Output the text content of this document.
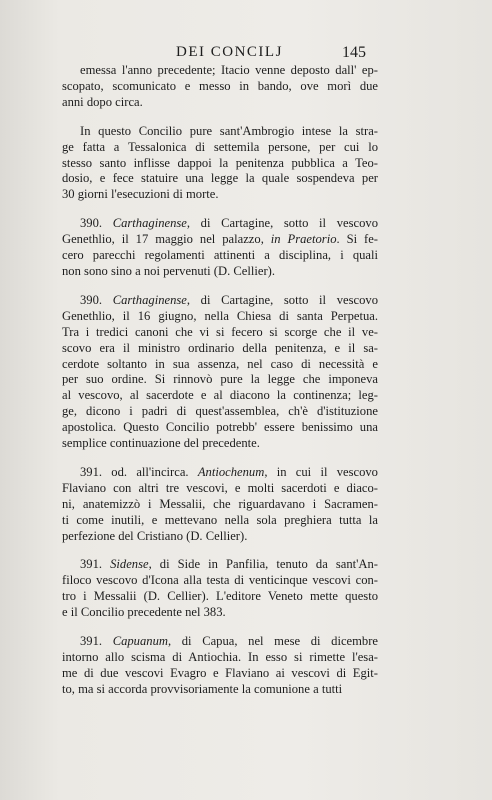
DEI CONCILJ	145
emessa l'anno precedente; Itacio venne deposto dall' ep-
scopato, scomunicato e messo in bando, ove morì due
anni dopo circa.
In questo Concilio pure sant'Ambrogio intese la stra-
ge fatta a Tessalonica di settemila persone, per cui lo
stesso santo inflisse dappoi la penitenza pubblica a Teo-
dosio, e fece statuire una legge la quale sospendeva per
30 giorni l'esecuzioni di morte.
390. Carthaginense, di Cartagine, sotto il vescovo
Genethlio, il 17 maggio nel palazzo, in Praetorio. Si fe-
cero parecchi regolamenti attinenti a disciplina, i quali
non sono sino a noi pervenuti (D. Cellier).
390. Carthaginense, di Cartagine, sotto il vescovo
Genethlio, il 16 giugno, nella Chiesa di santa Perpetua.
Tra i tredici canoni che vi si fecero si scorge che il ve-
scovo era il ministro ordinario della penitenza, e il sa-
cerdote soltanto in sua assenza, nel caso di necessità e
per suo ordine. Si rinnovò pure la legge che imponeva
al vescovo, al sacerdote e al diacono la continenza; leg-
ge, dicono i padri di quest'assemblea, ch'è d'istituzione
apostolica. Questo Concilio potrebb' essere benissimo una
semplice continuazione del precedente.
391. od. all'incirca. Antiochenum, in cui il vescovo
Flaviano con altri tre vescovi, e molti sacerdoti e diaco-
ni, anatemizzò i Messalii, che riguardavano i Sacramen-
ti come inutili, e mettevano nella sola preghiera tutta la
perfezione del Cristiano (D. Cellier).
391. Sidense, di Side in Panfilia, tenuto da sant'An-
filoco vescovo d'Icona alla testa di venticinque vescovi con-
tro i Messalii (D. Cellier). L'editore Veneto mette questo
e il Concilio precedente nel 383.
391. Capuanum, di Capua, nel mese di dicembre
intorno allo scisma di Antiochia. In esso si rimette l'esa-
me di due vescovi Evagro e Flaviano ai vescovi di Egit-
to, ma si accorda provvisoriamente la comunione a tutti
